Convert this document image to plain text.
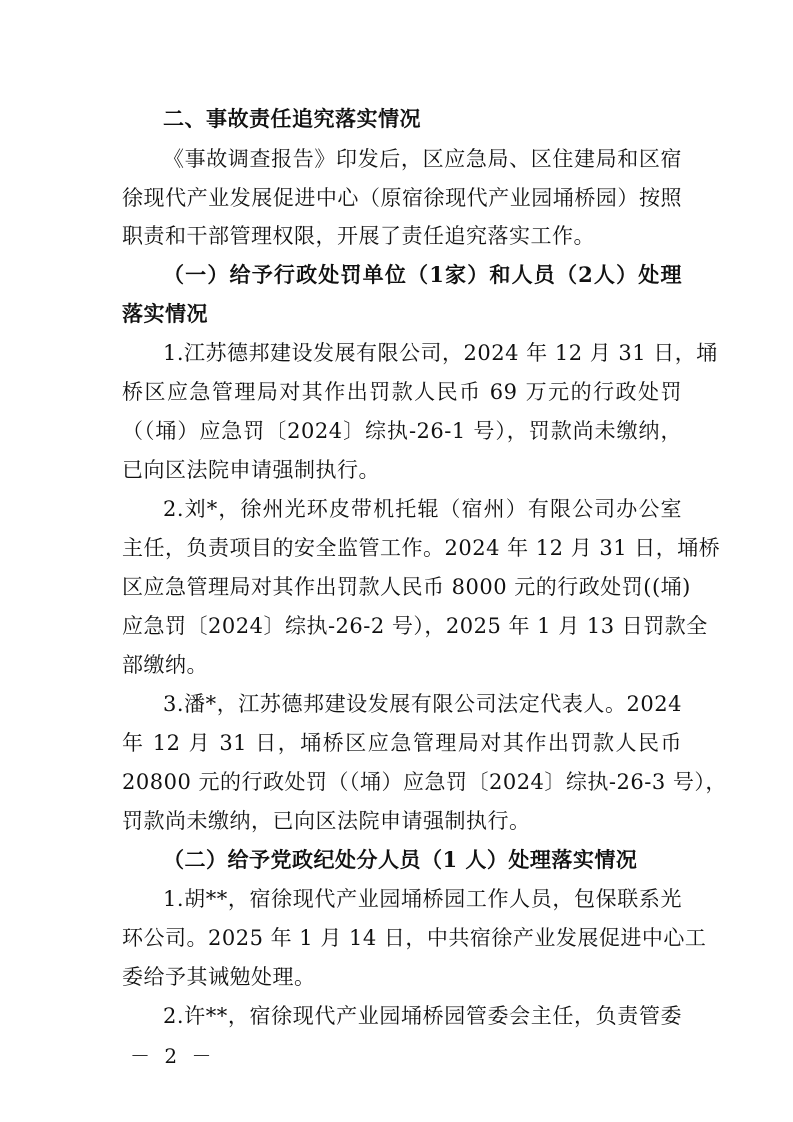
二、事故责任追究落实情况
《事故调查报告》印发后，区应急局、区住建局和区宿
徐现代产业发展促进中心（原宿徐现代产业园埇桥园）按照
职责和干部管理权限，开展了责任追究落实工作。
（一）给予行政处罚单位（1家）和人员（2人）处理
落实情况
1.江苏德邦建设发展有限公司，2024 年 12 月 31 日，埇
桥区应急管理局对其作出罚款人民币 69 万元的行政处罚
（（埇）应急罚〔2024〕综执-26-1 号），罚款尚未缴纳，
已向区法院申请强制执行。
2.刘*，徐州光环皮带机托辊（宿州）有限公司办公室
主任，负责项目的安全监管工作。2024 年 12 月 31 日，埇桥
区应急管理局对其作出罚款人民币 8000 元的行政处罚((埇)
应急罚〔2024〕综执-26-2 号），2025 年 1 月 13 日罚款全
部缴纳。
3.潘*，江苏德邦建设发展有限公司法定代表人。2024
年 12 月 31 日，埇桥区应急管理局对其作出罚款人民币
20800 元的行政处罚（（埇）应急罚〔2024〕综执-26-3 号），
罚款尚未缴纳，已向区法院申请强制执行。
（二）给予党政纪处分人员（1 人）处理落实情况
1.胡**，宿徐现代产业园埇桥园工作人员，包保联系光
环公司。2025 年 1 月 14 日，中共宿徐产业发展促进中心工
委给予其诫勉处理。
2.许**，宿徐现代产业园埇桥园管委会主任，负责管委
－ 2 －
